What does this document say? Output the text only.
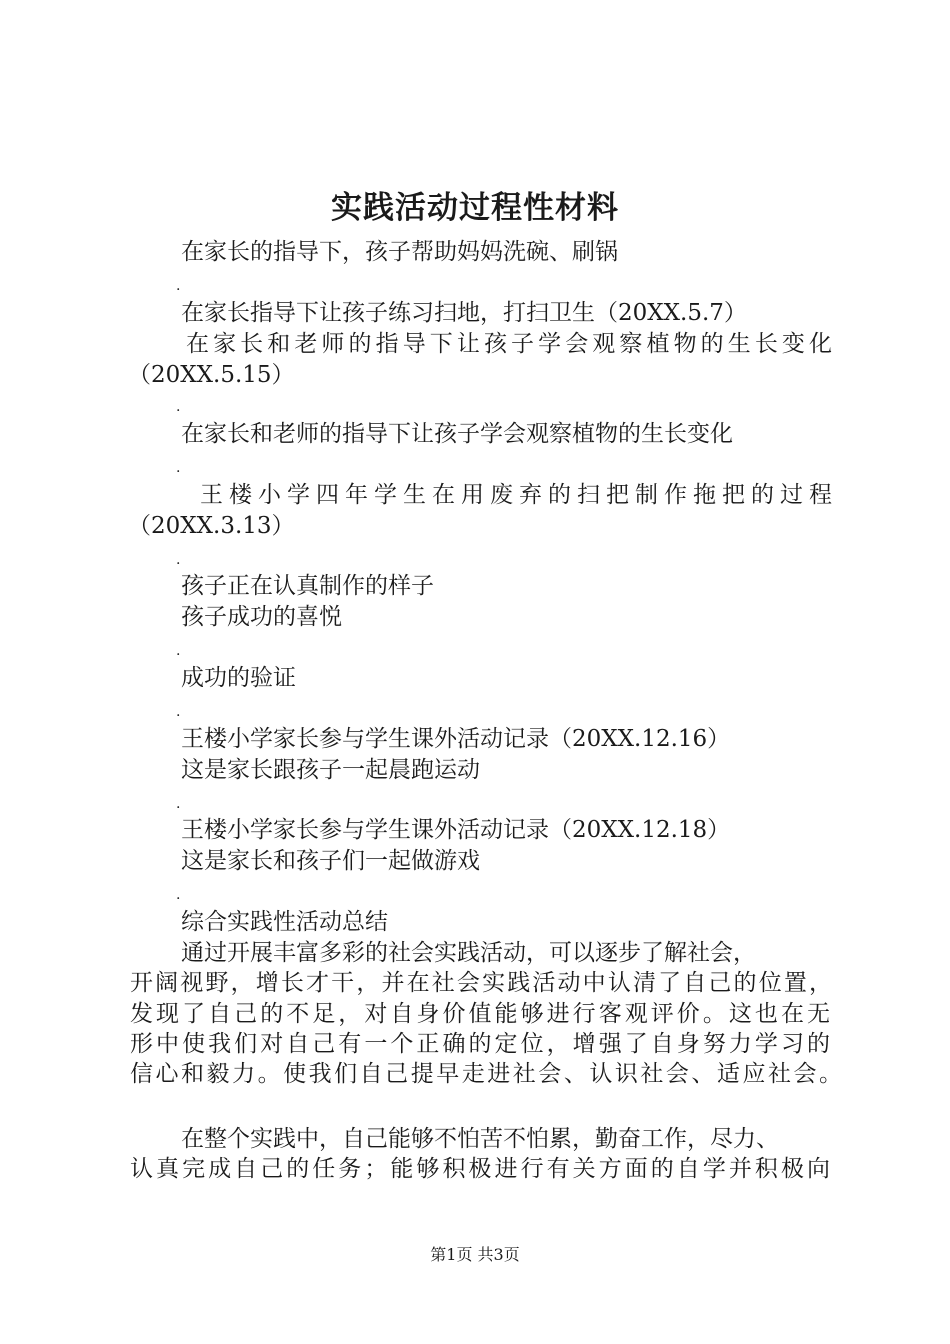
实践活动过程性材料
在家长的指导下，孩子帮助妈妈洗碗、刷锅
.
在家长指导下让孩子练习扫地，打扫卫生（20XX.5.7）
在家长和老师的指导下让孩子学会观察植物的生长变化
（20XX.5.15）
.
在家长和老师的指导下让孩子学会观察植物的生长变化
.
王楼小学四年学生在用废弃的扫把制作拖把的过程
（20XX.3.13）
.
孩子正在认真制作的样子
孩子成功的喜悦
.
成功的验证
.
王楼小学家长参与学生课外活动记录（20XX.12.16）
这是家长跟孩子一起晨跑运动
.
王楼小学家长参与学生课外活动记录（20XX.12.18）
这是家长和孩子们一起做游戏
.
综合实践性活动总结
通过开展丰富多彩的社会实践活动，可以逐步了解社会，
开阔视野，增长才干，并在社会实践活动中认清了自己的位置，
发现了自己的不足，对自身价值能够进行客观评价。这也在无
形中使我们对自己有一个正确的定位，增强了自身努力学习的
信心和毅力。使我们自己提早走进社会、认识社会、适应社会。
在整个实践中，自己能够不怕苦不怕累，勤奋工作，尽力、
认真完成自己的任务；能够积极进行有关方面的自学并积极向
第1页 共3页
